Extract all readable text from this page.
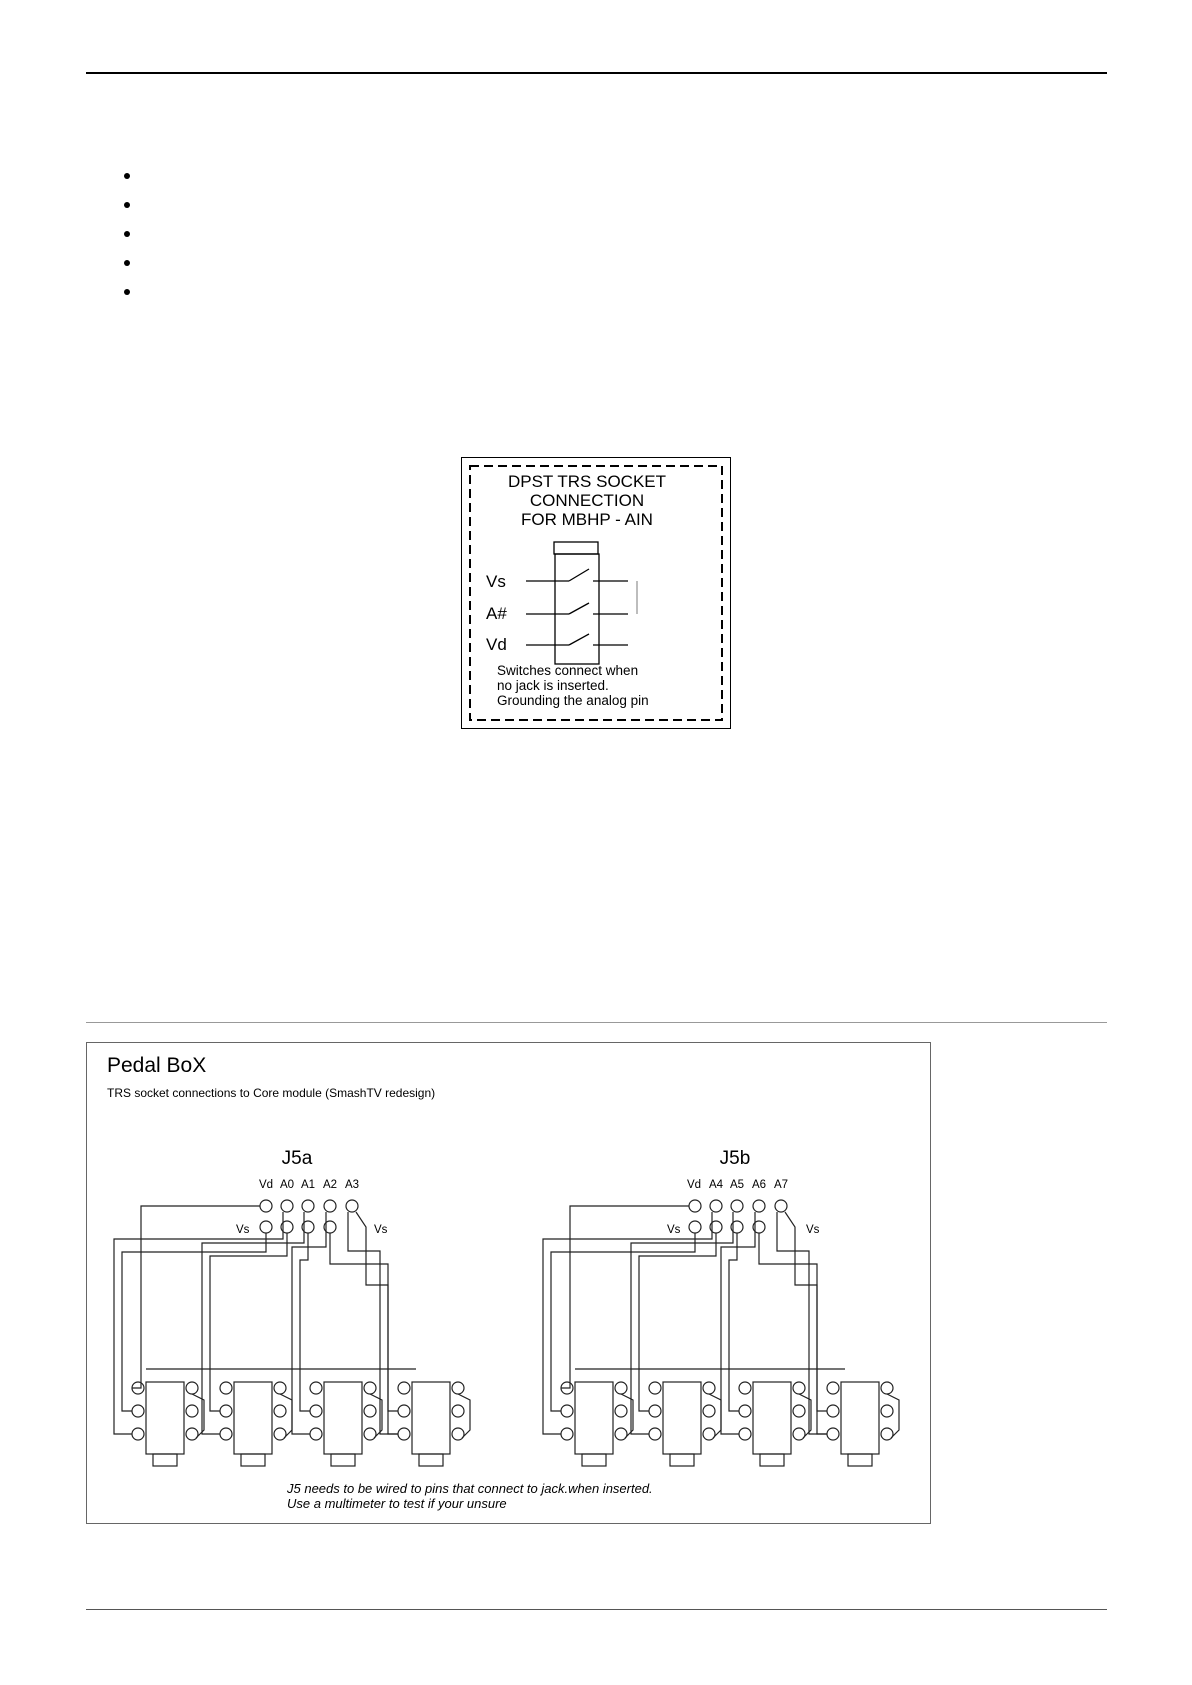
DPST TRS SOCKET
CONNECTION
FOR MBHP - AIN
Vs
A#
Vd
Switches connect when
no jack is inserted.
Grounding the analog pin
Pedal BoX
TRS socket connections to Core module (SmashTV redesign)
J5a	J5b
Vd A0 A1 A2 A3
Vs	Vs
Vd A4 A5 A6 A7
Vs	Vs
J5 needs to be wired to pins that connect to jack.when inserted.
Use a multimeter to test if your unsure
